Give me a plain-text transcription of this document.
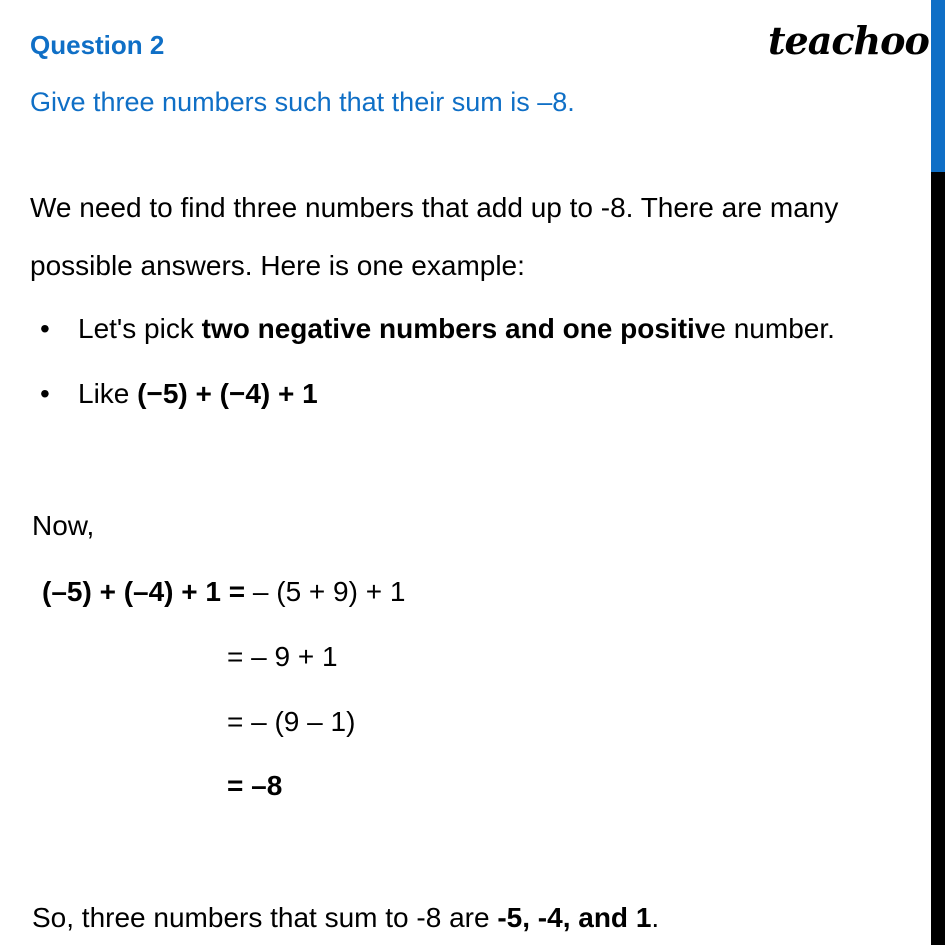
Question 2	teachoo
Give three numbers such that their sum is –8.
We need to find three numbers that add up to -8. There are many
possible answers. Here is one example:
• Let's pick two negative numbers and one positive number.
• Like (−5) + (−4) + 1
Now,
(–5) + (–4) + 1 = – (5 + 9) + 1
= – 9 + 1
= – (9 – 1)
= –8
So, three numbers that sum to -8 are -5, -4, and 1.
